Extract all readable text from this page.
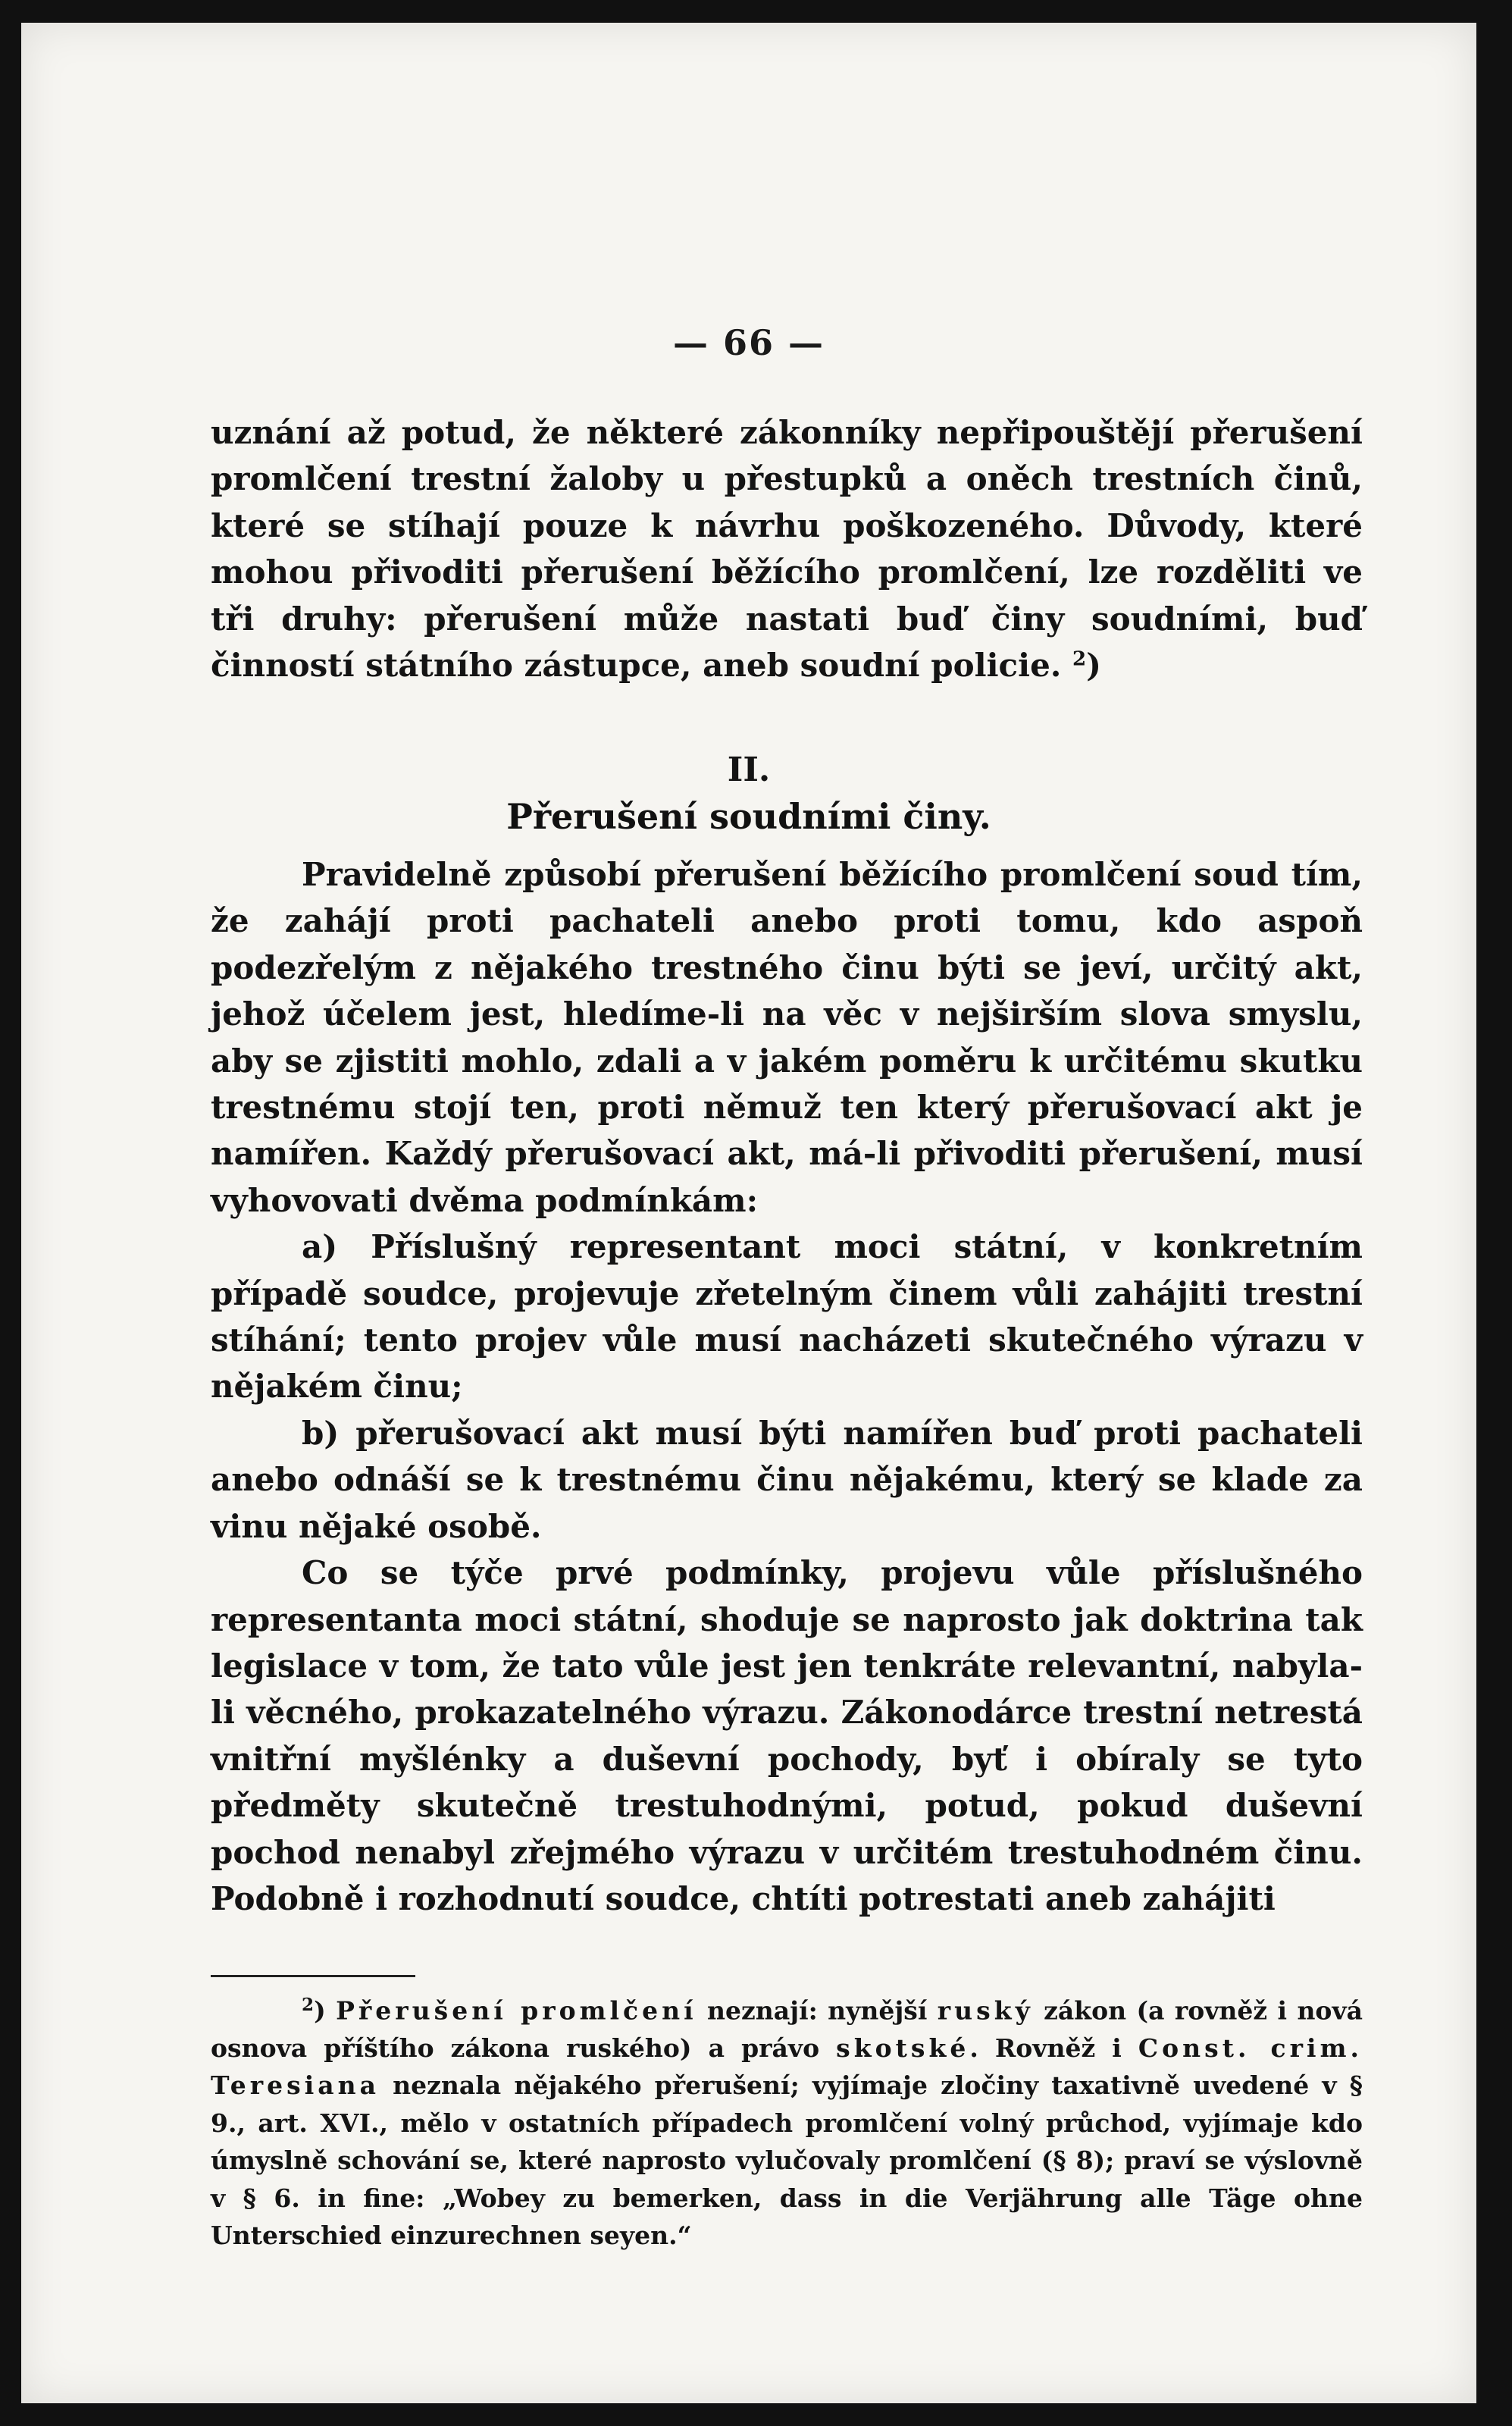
— 66 —

uznání až potud, že některé zákonníky nepřipouštějí přerušení promlčení trestní žaloby u přestupků a oněch trestních činů, které se stíhají pouze k návrhu poškozeného. Důvody, které mohou přivoditi přerušení běžícího promlčení, lze rozděliti ve tři druhy: přerušení může nastati buď činy soudními, buď činností státního zástupce, aneb soudní policie. $^2$)

II.
Přerušení soudními činy.

Pravidelně způsobí přerušení běžícího promlčení soud tím, že zahájí proti pachateli anebo proti tomu, kdo aspoň podezřelým z nějakého trestného činu býti se jeví, určitý akt, jehož účelem jest, hledíme-li na věc v nejširším slova smyslu, aby se zjistiti mohlo, zdali a v jakém poměru k určitému skutku trestnému stojí ten, proti němuž ten který přerušovací akt je namířen. Každý přerušovací akt, má-li přivoditi přerušení, musí vyhovovati dvěma podmínkám:

a) Příslušný representant moci státní, v konkretním případě soudce, projevuje zřetelným činem vůli zahájiti trestní stíhání; tento projev vůle musí nacházeti skutečného výrazu v nějakém činu;

b) přerušovací akt musí býti namířen buď proti pachateli anebo odnáší se k trestnému činu nějakému, který se klade za vinu nějaké osobě.

Co se týče prvé podmínky, projevu vůle příslušného representanta moci státní, shoduje se naprosto jak doktrina tak legislace v tom, že tato vůle jest jen tenkráte relevantní, nabyla-li věcného, prokazatelného výrazu. Zákonodárce trestní netrestá vnitřní myšlénky a duševní pochody, byť i obíraly se tyto předměty skutečně trestuhodnými, potud, pokud duševní pochod nenabyl zřejmého výrazu v určitém trestuhodném činu. Podobně i rozhodnutí soudce, chtíti potrestati aneb zahájiti

$^2$) Přerušení promlčení neznají: nynější ruský zákon (a rovněž i nová osnova příštího zákona ruského) a právo skotské. Rovněž i Const. crim. Teresiana neznala nějakého přerušení; vyjímaje zločiny taxativně uvedené v § 9., art. XVI., mělo v ostatních případech promlčení volný průchod, vyjímaje kdo úmyslně schování se, které naprosto vylučovaly promlčení (§ 8); praví se výslovně v § 6. in fine: „Wobey zu bemerken, dass in die Verjährung alle Täge ohne Unterschied einzurechnen seyen.“
